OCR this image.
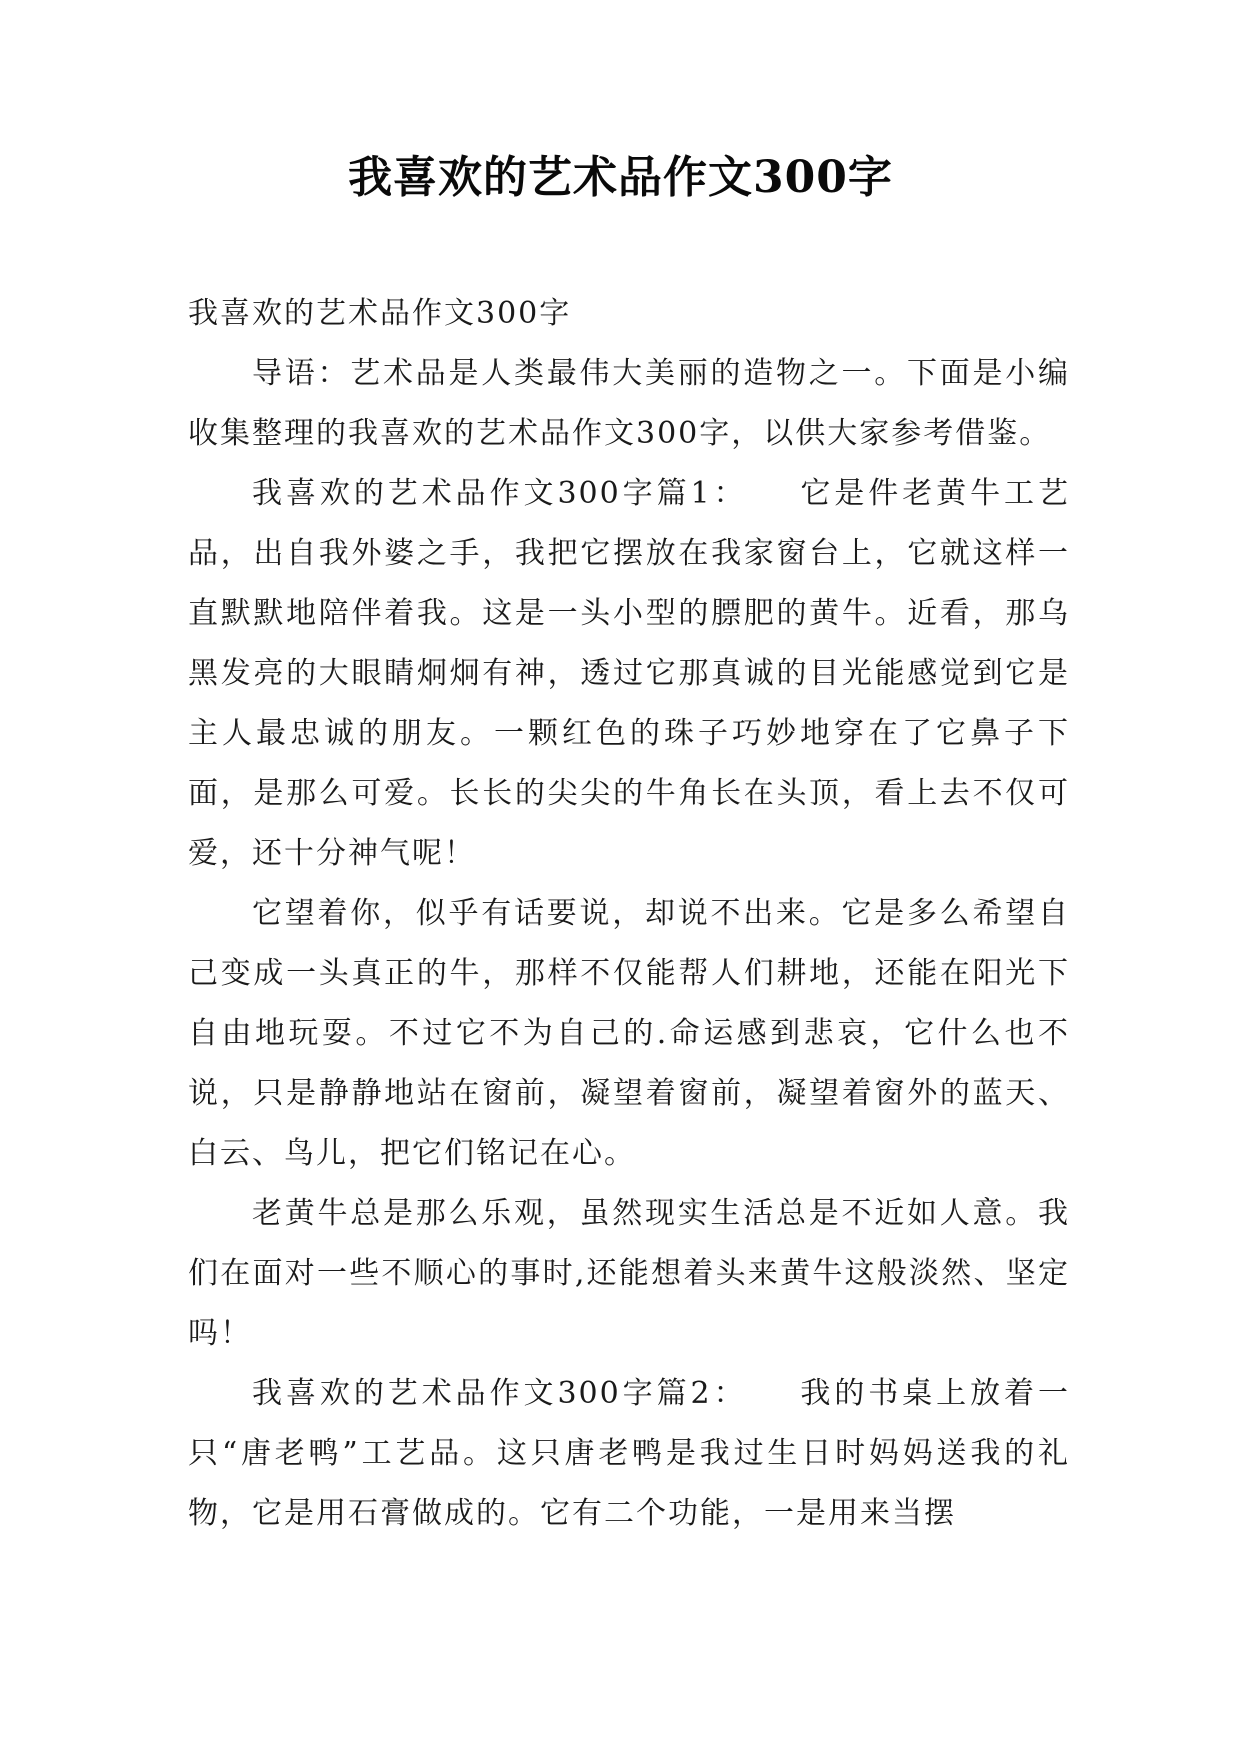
我喜欢的艺术品作文300字

我喜欢的艺术品作文300字

导语：艺术品是人类最伟大美丽的造物之一。下面是小编收集整理的我喜欢的艺术品作文300字，以供大家参考借鉴。

我喜欢的艺术品作文300字篇1：　　它是件老黄牛工艺品，出自我外婆之手，我把它摆放在我家窗台上，它就这样一直默默地陪伴着我。这是一头小型的膘肥的黄牛。近看，那乌黑发亮的大眼睛炯炯有神，透过它那真诚的目光能感觉到它是主人最忠诚的朋友。一颗红色的珠子巧妙地穿在了它鼻子下面，是那么可爱。长长的尖尖的牛角长在头顶，看上去不仅可爱，还十分神气呢！

它望着你，似乎有话要说，却说不出来。它是多么希望自己变成一头真正的牛，那样不仅能帮人们耕地，还能在阳光下自由地玩耍。不过它不为自己的.命运感到悲哀，它什么也不说，只是静静地站在窗前，凝望着窗前，凝望着窗外的蓝天、白云、鸟儿，把它们铭记在心。

老黄牛总是那么乐观，虽然现实生活总是不近如人意。我们在面对一些不顺心的事时,还能想着头来黄牛这般淡然、坚定吗！

我喜欢的艺术品作文300字篇2：　　我的书桌上放着一只“唐老鸭”工艺品。这只唐老鸭是我过生日时妈妈送我的礼物，它是用石膏做成的。它有二个功能，一是用来当摆
